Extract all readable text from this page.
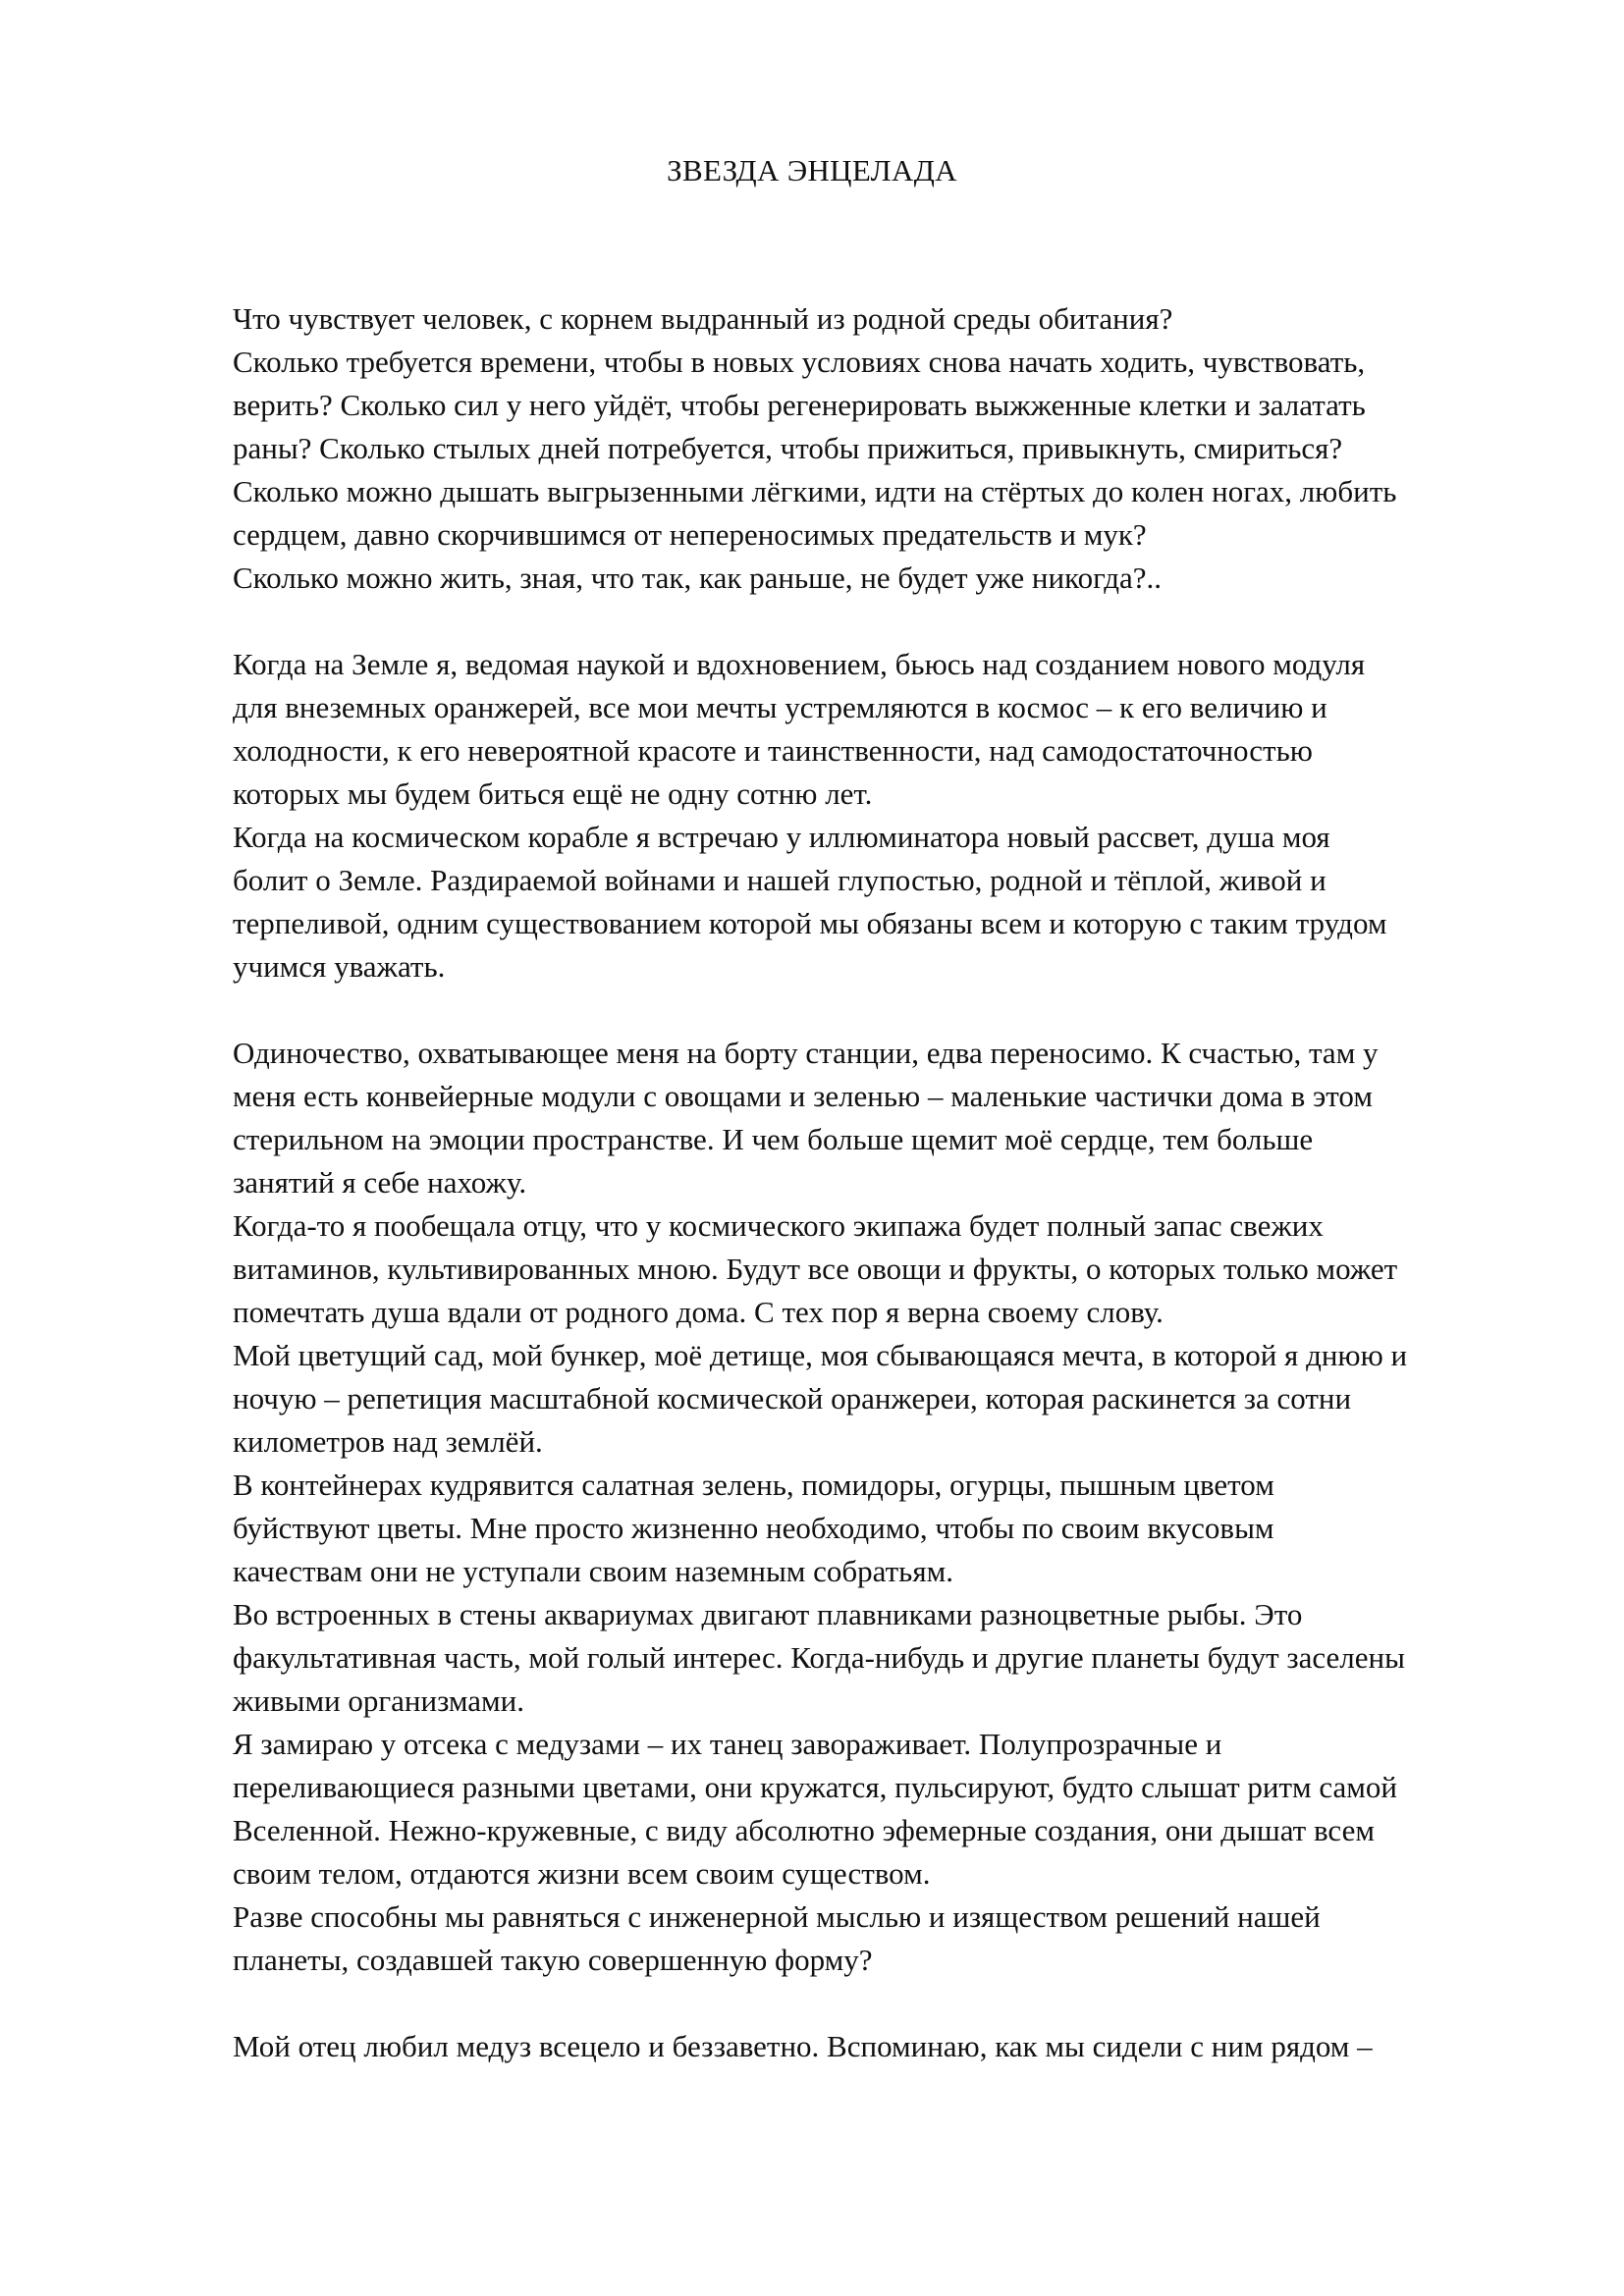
ЗВЕЗДА ЭНЦЕЛАДА
Что чувствует человек, с корнем выдранный из родной среды обитания?
Сколько требуется времени, чтобы в новых условиях снова начать ходить, чувствовать,
верить? Сколько сил у него уйдёт, чтобы регенерировать выжженные клетки и залатать
раны? Сколько стылых дней потребуется, чтобы прижиться, привыкнуть, смириться?
Сколько можно дышать выгрызенными лёгкими, идти на стёртых до колен ногах, любить
сердцем, давно скорчившимся от непереносимых предательств и мук?
Сколько можно жить, зная, что так, как раньше, не будет уже никогда?..
Когда на Земле я, ведомая наукой и вдохновением, бьюсь над созданием нового модуля
для внеземных оранжерей, все мои мечты устремляются в космос – к его величию и
холодности, к его невероятной красоте и таинственности, над самодостаточностью
которых мы будем биться ещё не одну сотню лет.
Когда на космическом корабле я встречаю у иллюминатора новый рассвет, душа моя
болит о Земле. Раздираемой войнами и нашей глупостью, родной и тёплой, живой и
терпеливой, одним существованием которой мы обязаны всем и которую с таким трудом
учимся уважать.
Одиночество, охватывающее меня на борту станции, едва переносимо. К счастью, там у
меня есть конвейерные модули с овощами и зеленью – маленькие частички дома в этом
стерильном на эмоции пространстве. И чем больше щемит моё сердце, тем больше
занятий я себе нахожу.
Когда-то я пообещала отцу, что у космического экипажа будет полный запас свежих
витаминов, культивированных мною. Будут все овощи и фрукты, о которых только может
помечтать душа вдали от родного дома. С тех пор я верна своему слову.
Мой цветущий сад, мой бункер, моё детище, моя сбывающаяся мечта, в которой я днюю и
ночую – репетиция масштабной космической оранжереи, которая раскинется за сотни
километров над землёй.
В контейнерах кудрявится салатная зелень, помидоры, огурцы, пышным цветом
буйствуют цветы. Мне просто жизненно необходимо, чтобы по своим вкусовым
качествам они не уступали своим наземным собратьям.
Во встроенных в стены аквариумах двигают плавниками разноцветные рыбы. Это
факультативная часть, мой голый интерес. Когда-нибудь и другие планеты будут заселены
живыми организмами.
Я замираю у отсека с медузами – их танец завораживает. Полупрозрачные и
переливающиеся разными цветами, они кружатся, пульсируют, будто слышат ритм самой
Вселенной. Нежно-кружевные, с виду абсолютно эфемерные создания, они дышат всем
своим телом, отдаются жизни всем своим существом.
Разве способны мы равняться с инженерной мыслью и изяществом решений нашей
планеты, создавшей такую совершенную форму?
Мой отец любил медуз всецело и беззаветно. Вспоминаю, как мы сидели с ним рядом –
